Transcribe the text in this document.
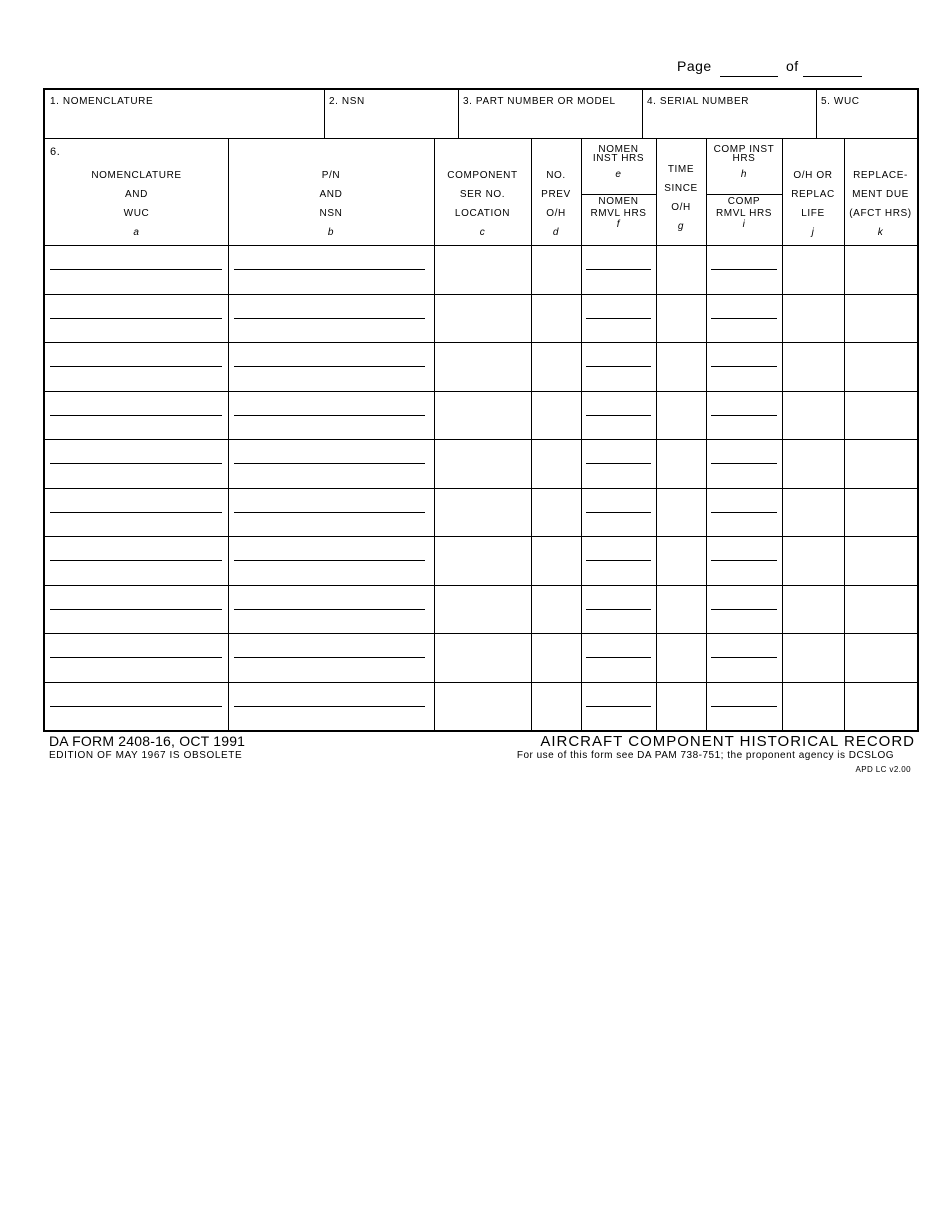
Page	of
1. NOMENCLATURE	2. NSN	3. PART NUMBER OR MODEL	4. SERIAL NUMBER	5. WUC
6.
NOMENCLATURE
AND
WUC
a
P/N
AND
NSN
b
COMPONENT
SER NO.
LOCATION
c
NO.
PREV
O/H
d
NOMEN
INST HRS
e
NOMEN
RMVL HRS
f
TIME
SINCE
O/H
g
COMP INST
HRS
h
COMP
RMVL HRS
i
O/H OR
REPLAC
LIFE
j
REPLACE-
MENT DUE
(AFCT HRS)
k
DA FORM 2408-16, OCT 1991
EDITION OF MAY 1967 IS OBSOLETE
AIRCRAFT COMPONENT HISTORICAL RECORD
For use of this form see DA PAM 738-751; the proponent agency is DCSLOG
APD LC v2.00
